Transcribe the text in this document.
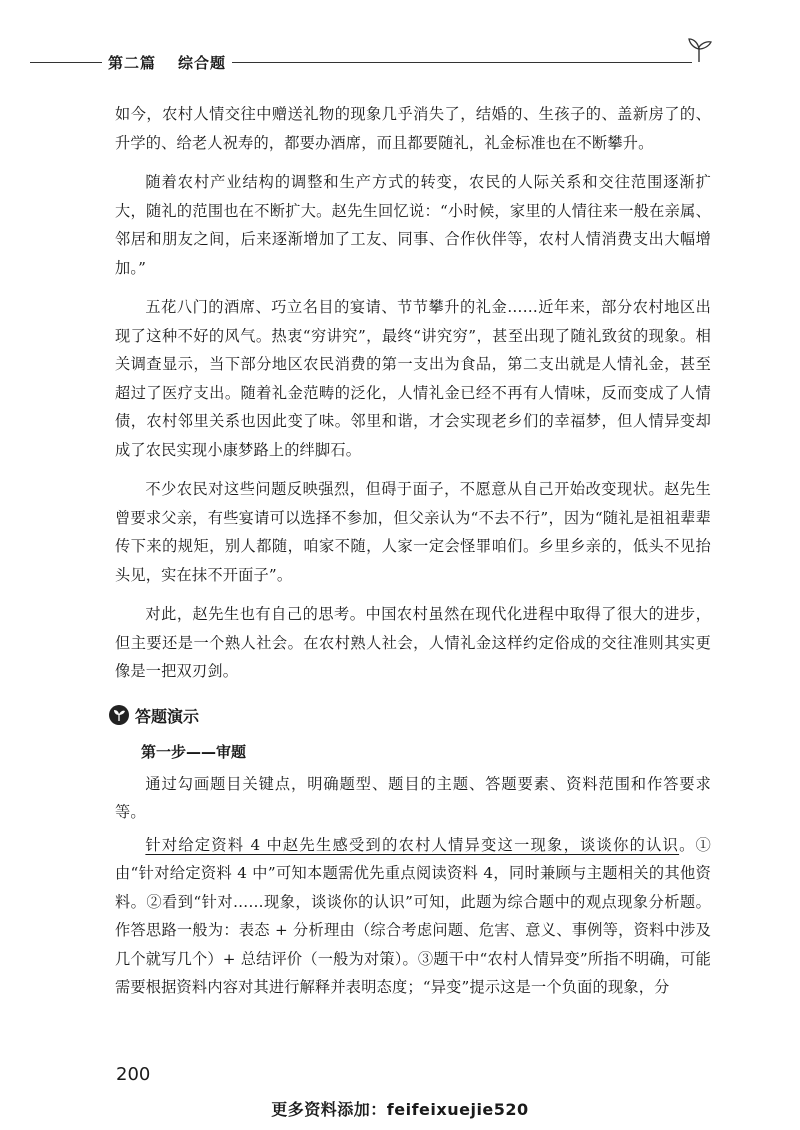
第二篇 综合题

如今，农村人情交往中赠送礼物的现象几乎消失了，结婚的、生孩子的、盖新房了的、升学的、给老人祝寿的，都要办酒席，而且都要随礼，礼金标准也在不断攀升。

随着农村产业结构的调整和生产方式的转变，农民的人际关系和交往范围逐渐扩大，随礼的范围也在不断扩大。赵先生回忆说：“小时候，家里的人情往来一般在亲属、邻居和朋友之间，后来逐渐增加了工友、同事、合作伙伴等，农村人情消费支出大幅增加。”

五花八门的酒席、巧立名目的宴请、节节攀升的礼金……近年来，部分农村地区出现了这种不好的风气。热衷“穷讲究”，最终“讲究穷”，甚至出现了随礼致贫的现象。相关调查显示，当下部分地区农民消费的第一支出为食品，第二支出就是人情礼金，甚至超过了医疗支出。随着礼金范畴的泛化，人情礼金已经不再有人情味，反而变成了人情债，农村邻里关系也因此变了味。邻里和谐，才会实现老乡们的幸福梦，但人情异变却成了农民实现小康梦路上的绊脚石。

不少农民对这些问题反映强烈，但碍于面子，不愿意从自己开始改变现状。赵先生曾要求父亲，有些宴请可以选择不参加，但父亲认为“不去不行”，因为“随礼是祖祖辈辈传下来的规矩，别人都随，咱家不随，人家一定会怪罪咱们。乡里乡亲的，低头不见抬头见，实在抹不开面子”。

对此，赵先生也有自己的思考。中国农村虽然在现代化进程中取得了很大的进步，但主要还是一个熟人社会。在农村熟人社会，人情礼金这样约定俗成的交往准则其实更像是一把双刃剑。

答题演示
第一步——审题

通过勾画题目关键点，明确题型、题目的主题、答题要素、资料范围和作答要求等。

针对给定资料 4 中赵先生感受到的农村人情异变这一现象，谈谈你的认识。①由“针对给定资料 4 中”可知本题需优先重点阅读资料 4，同时兼顾与主题相关的其他资料。②看到“针对……现象，谈谈你的认识”可知，此题为综合题中的观点现象分析题。作答思路一般为：表态 + 分析理由（综合考虑问题、危害、意义、事例等，资料中涉及几个就写几个）+ 总结评价（一般为对策）。③题干中“农村人情异变”所指不明确，可能需要根据资料内容对其进行解释并表明态度；“异变”提示这是一个负面的现象，分

200
更多资料添加：feifeixuejie520
